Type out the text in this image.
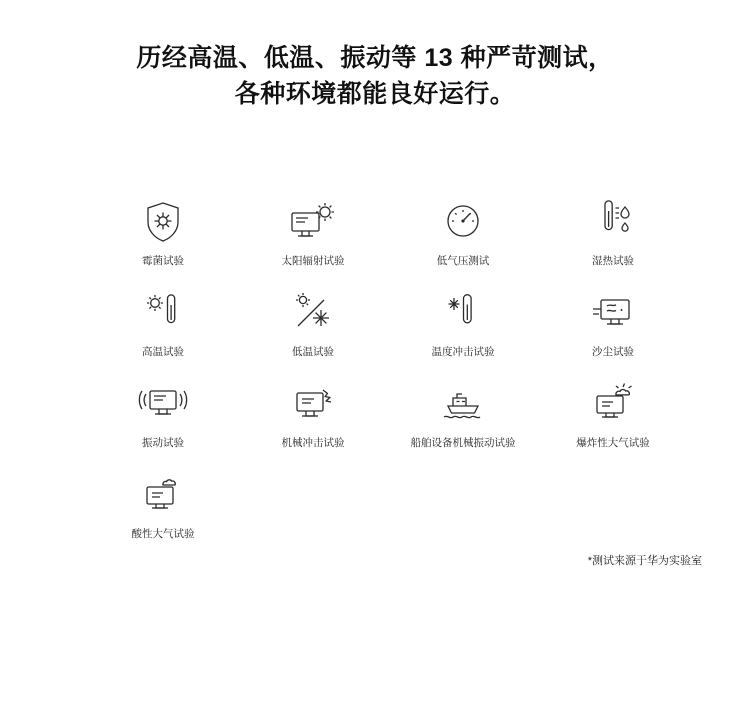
历经高温、低温、振动等 13 种严苛测试，
各种环境都能良好运行。
霉菌试验	太阳辐射试验	低气压测试	湿热试验
高温试验	低温试验	温度冲击试验	沙尘试验
振动试验	机械冲击试验	船舶设备机械振动试验	爆炸性大气试验
酸性大气试验
*测试来源于华为实验室
